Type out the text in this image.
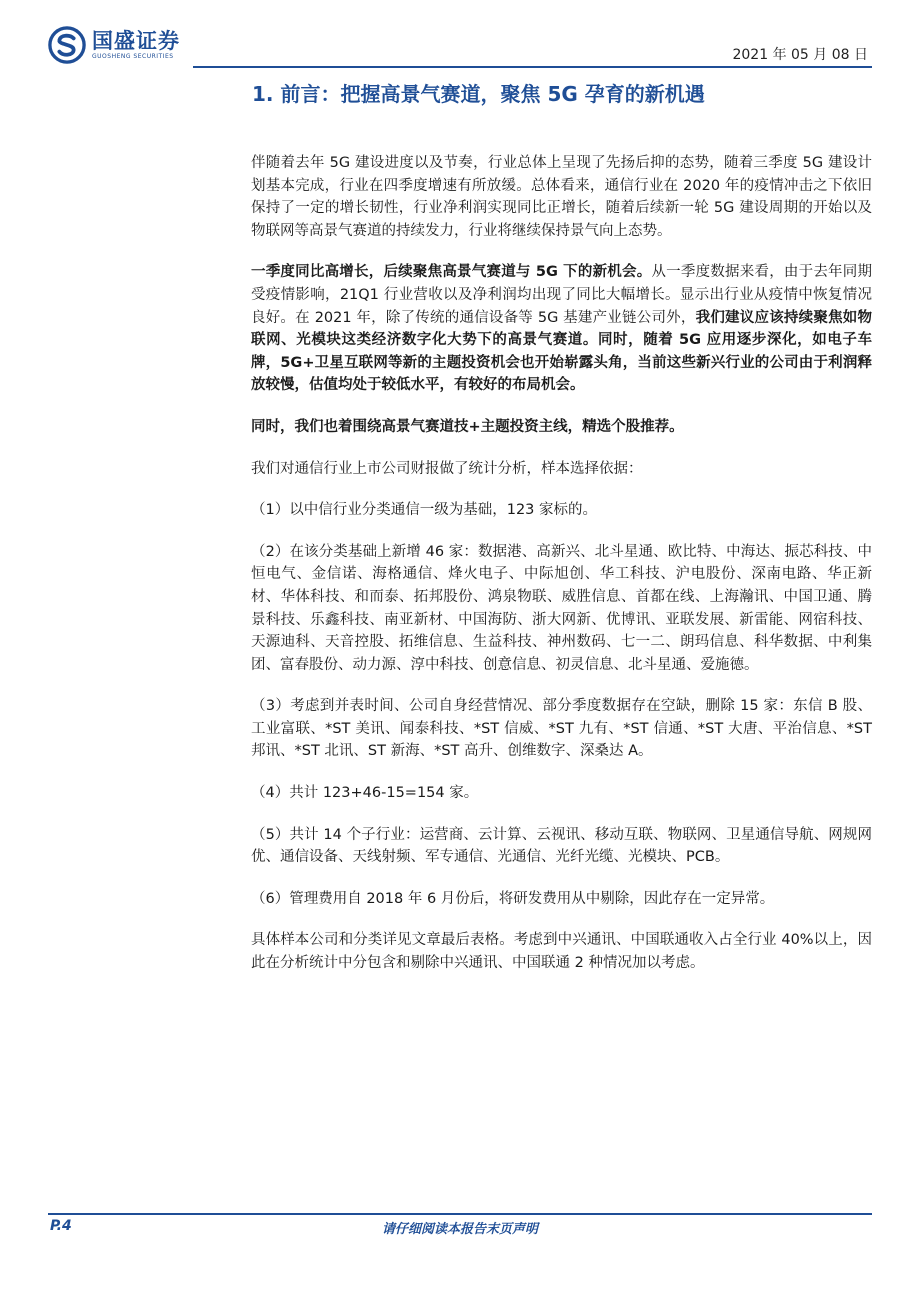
国盛证券
GUOSHENG SECURITIES	2021 年 05 月 08 日
1. 前言：把握高景气赛道，聚焦 5G 孕育的新机遇

伴随着去年 5G 建设进度以及节奏，行业总体上呈现了先扬后抑的态势，随着三季度 5G 建设计划基本完成，行业在四季度增速有所放缓。总体看来，通信行业在 2020 年的疫情冲击之下依旧保持了一定的增长韧性，行业净利润实现同比正增长，随着后续新一轮 5G 建设周期的开始以及物联网等高景气赛道的持续发力，行业将继续保持景气向上态势。

一季度同比高增长，后续聚焦高景气赛道与 5G 下的新机会。从一季度数据来看，由于去年同期受疫情影响，21Q1 行业营收以及净利润均出现了同比大幅增长。显示出行业从疫情中恢复情况良好。在 2021 年，除了传统的通信设备等 5G 基建产业链公司外，我们建议应该持续聚焦如物联网、光模块这类经济数字化大势下的高景气赛道。同时，随着 5G 应用逐步深化，如电子车牌，5G+卫星互联网等新的主题投资机会也开始崭露头角，当前这些新兴行业的公司由于利润释放较慢，估值均处于较低水平，有较好的布局机会。

同时，我们也着围绕高景气赛道技+主题投资主线，精选个股推荐。

我们对通信行业上市公司财报做了统计分析，样本选择依据：

（1）以中信行业分类通信一级为基础，123 家标的。

（2）在该分类基础上新增 46 家：数据港、高新兴、北斗星通、欧比特、中海达、振芯科技、中恒电气、金信诺、海格通信、烽火电子、中际旭创、华工科技、沪电股份、深南电路、华正新材、华体科技、和而泰、拓邦股份、鸿泉物联、威胜信息、首都在线、上海瀚讯、中国卫通、腾景科技、乐鑫科技、南亚新材、中国海防、浙大网新、优博讯、亚联发展、新雷能、网宿科技、天源迪科、天音控股、拓维信息、生益科技、神州数码、七一二、朗玛信息、科华数据、中利集团、富春股份、动力源、淳中科技、创意信息、初灵信息、北斗星通、爱施德。

（3）考虑到并表时间、公司自身经营情况、部分季度数据存在空缺，删除 15 家：东信 B 股、工业富联、*ST 美讯、闻泰科技、*ST 信威、*ST 九有、*ST 信通、*ST 大唐、平治信息、*ST 邦讯、*ST 北讯、ST 新海、*ST 高升、创维数字、深桑达 A。

（4）共计 123+46-15=154 家。

（5）共计 14 个子行业：运营商、云计算、云视讯、移动互联、物联网、卫星通信导航、网规网优、通信设备、天线射频、军专通信、光通信、光纤光缆、光模块、PCB。

（6）管理费用自 2018 年 6 月份后，将研发费用从中剔除，因此存在一定异常。

具体样本公司和分类详见文章最后表格。考虑到中兴通讯、中国联通收入占全行业 40%以上，因此在分析统计中分包含和剔除中兴通讯、中国联通 2 种情况加以考虑。

请仔细阅读本报告末页声明
P.4
